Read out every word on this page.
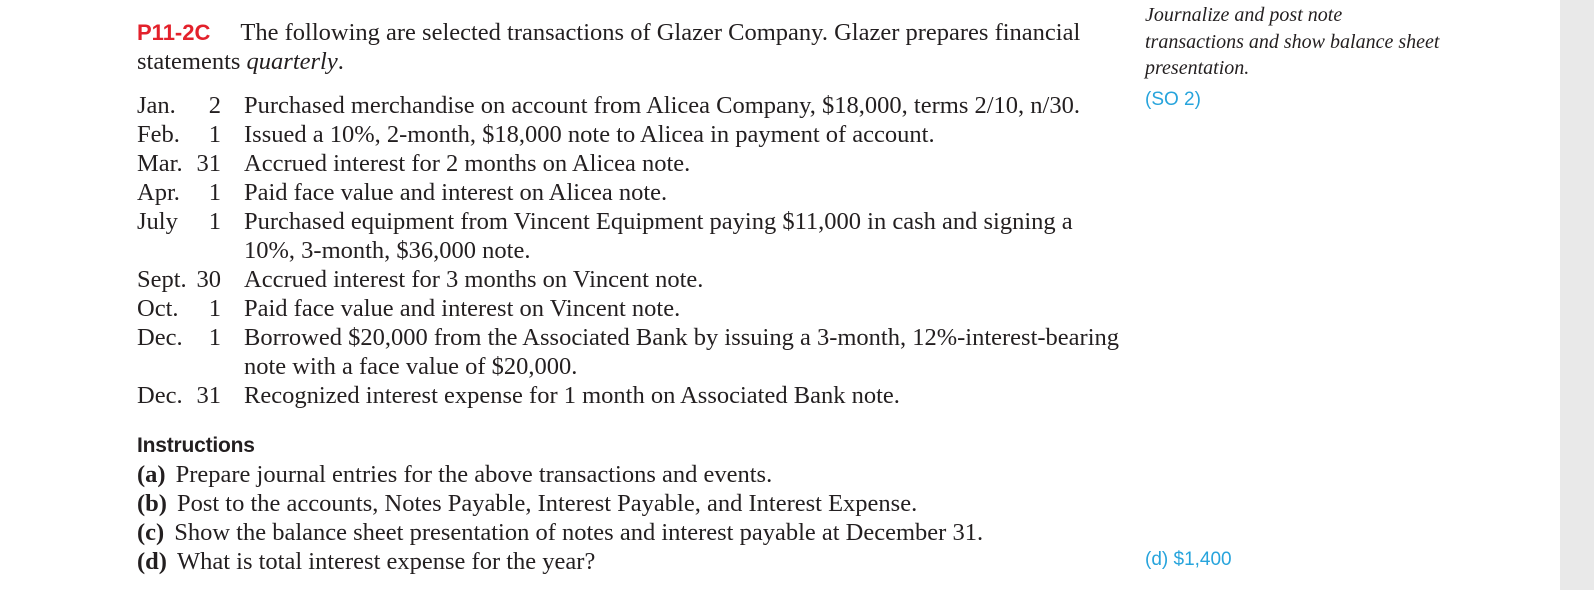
P11-2C The following are selected transactions of Glazer Company. Glazer prepares financial statements quarterly.
Jan.	2 Purchased merchandise on account from Alicea Company, $18,000, terms 2/10, n/30.
Feb.	1 Issued a 10%, 2-month, $18,000 note to Alicea in payment of account.
Mar. 31 Accrued interest for 2 months on Alicea note.
Apr.	1 Paid face value and interest on Alicea note.
July	1 Purchased equipment from Vincent Equipment paying $11,000 in cash and signing a 10%, 3-month, $36,000 note.
Sept. 30 Accrued interest for 3 months on Vincent note.
Oct.	1 Paid face value and interest on Vincent note.
Dec.	1 Borrowed $20,000 from the Associated Bank by issuing a 3-month, 12%-interest-bearing note with a face value of $20,000.
Dec. 31 Recognized interest expense for 1 month on Associated Bank note.
Instructions
(a) Prepare journal entries for the above transactions and events.
(b) Post to the accounts, Notes Payable, Interest Payable, and Interest Expense.
(c) Show the balance sheet presentation of notes and interest payable at December 31.
(d) What is total interest expense for the year?
Journalize and post note transactions and show balance sheet presentation.
(SO 2)
(d) $1,400
